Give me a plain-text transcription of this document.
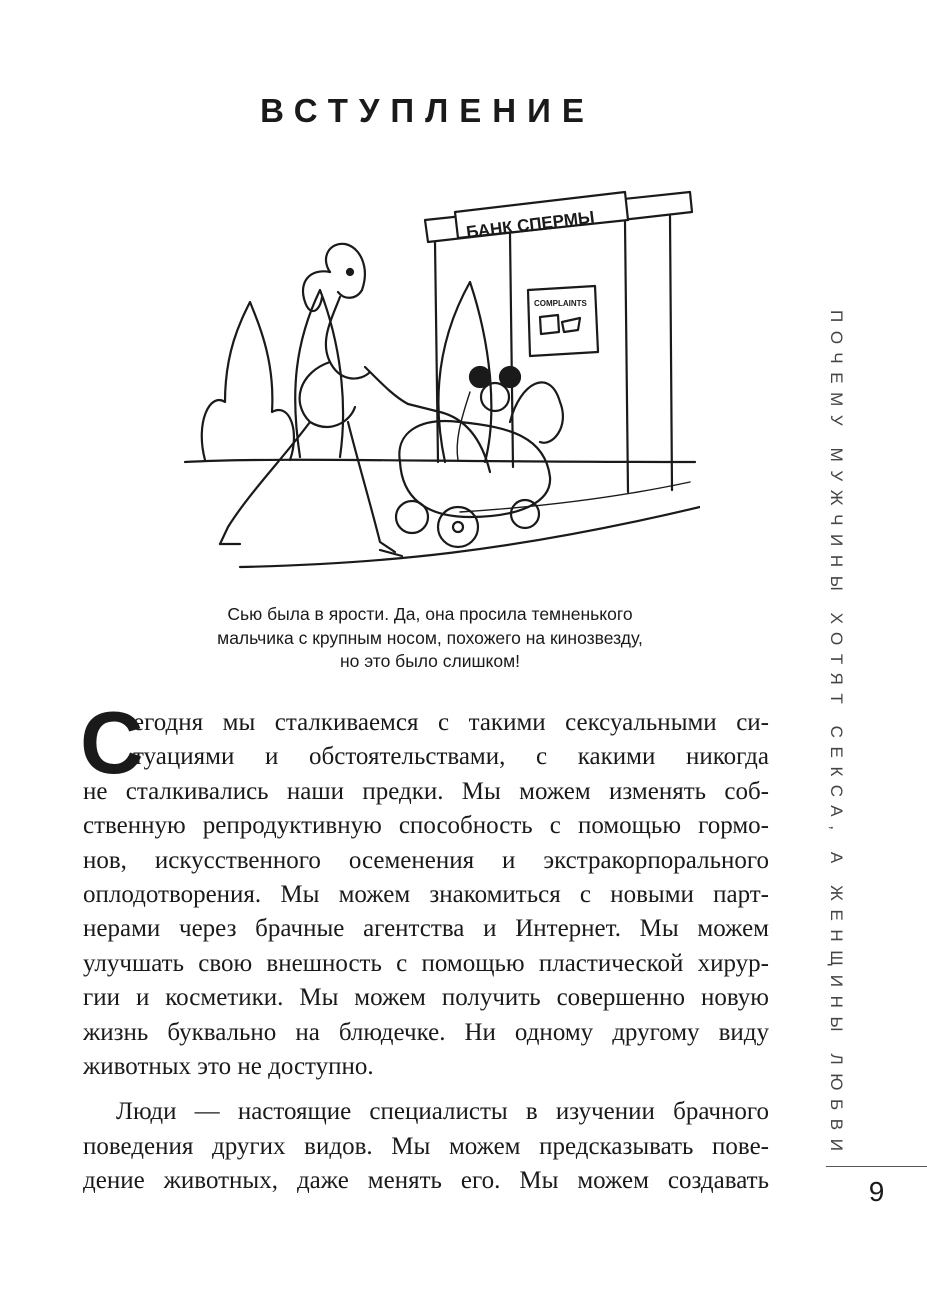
ВСТУПЛЕНИЕ
БАНК СПЕРМЫ
COMPLAINTS
Сью была в ярости. Да, она просила темненького
мальчика с крупным носом, похожего на кинозвезду,
но это было слишком!
С
егодня мы сталкиваемся с такими сексуальными си-
туациями и обстоятельствами, с какими никогда
не сталкивались наши предки. Мы можем изменять соб-
ственную репродуктивную способность с помощью гормо-
нов, искусственного осеменения и экстракорпорального
оплодотворения. Мы можем знакомиться с новыми парт-
нерами через брачные агентства и Интернет. Мы можем
улучшать свою внешность с помощью пластической хирур-
гии и косметики. Мы можем получить совершенно новую
жизнь буквально на блюдечке. Ни одному другому виду
животных это не доступно.
Люди — настоящие специалисты в изучении брачного
поведения других видов. Мы можем предсказывать пове-
дение животных, даже менять его. Мы можем создавать
ПОЧЕМУ МУЖЧИНЫ ХОТЯТ СЕКСА, А ЖЕНЩИНЫ ЛЮБВИ
9
